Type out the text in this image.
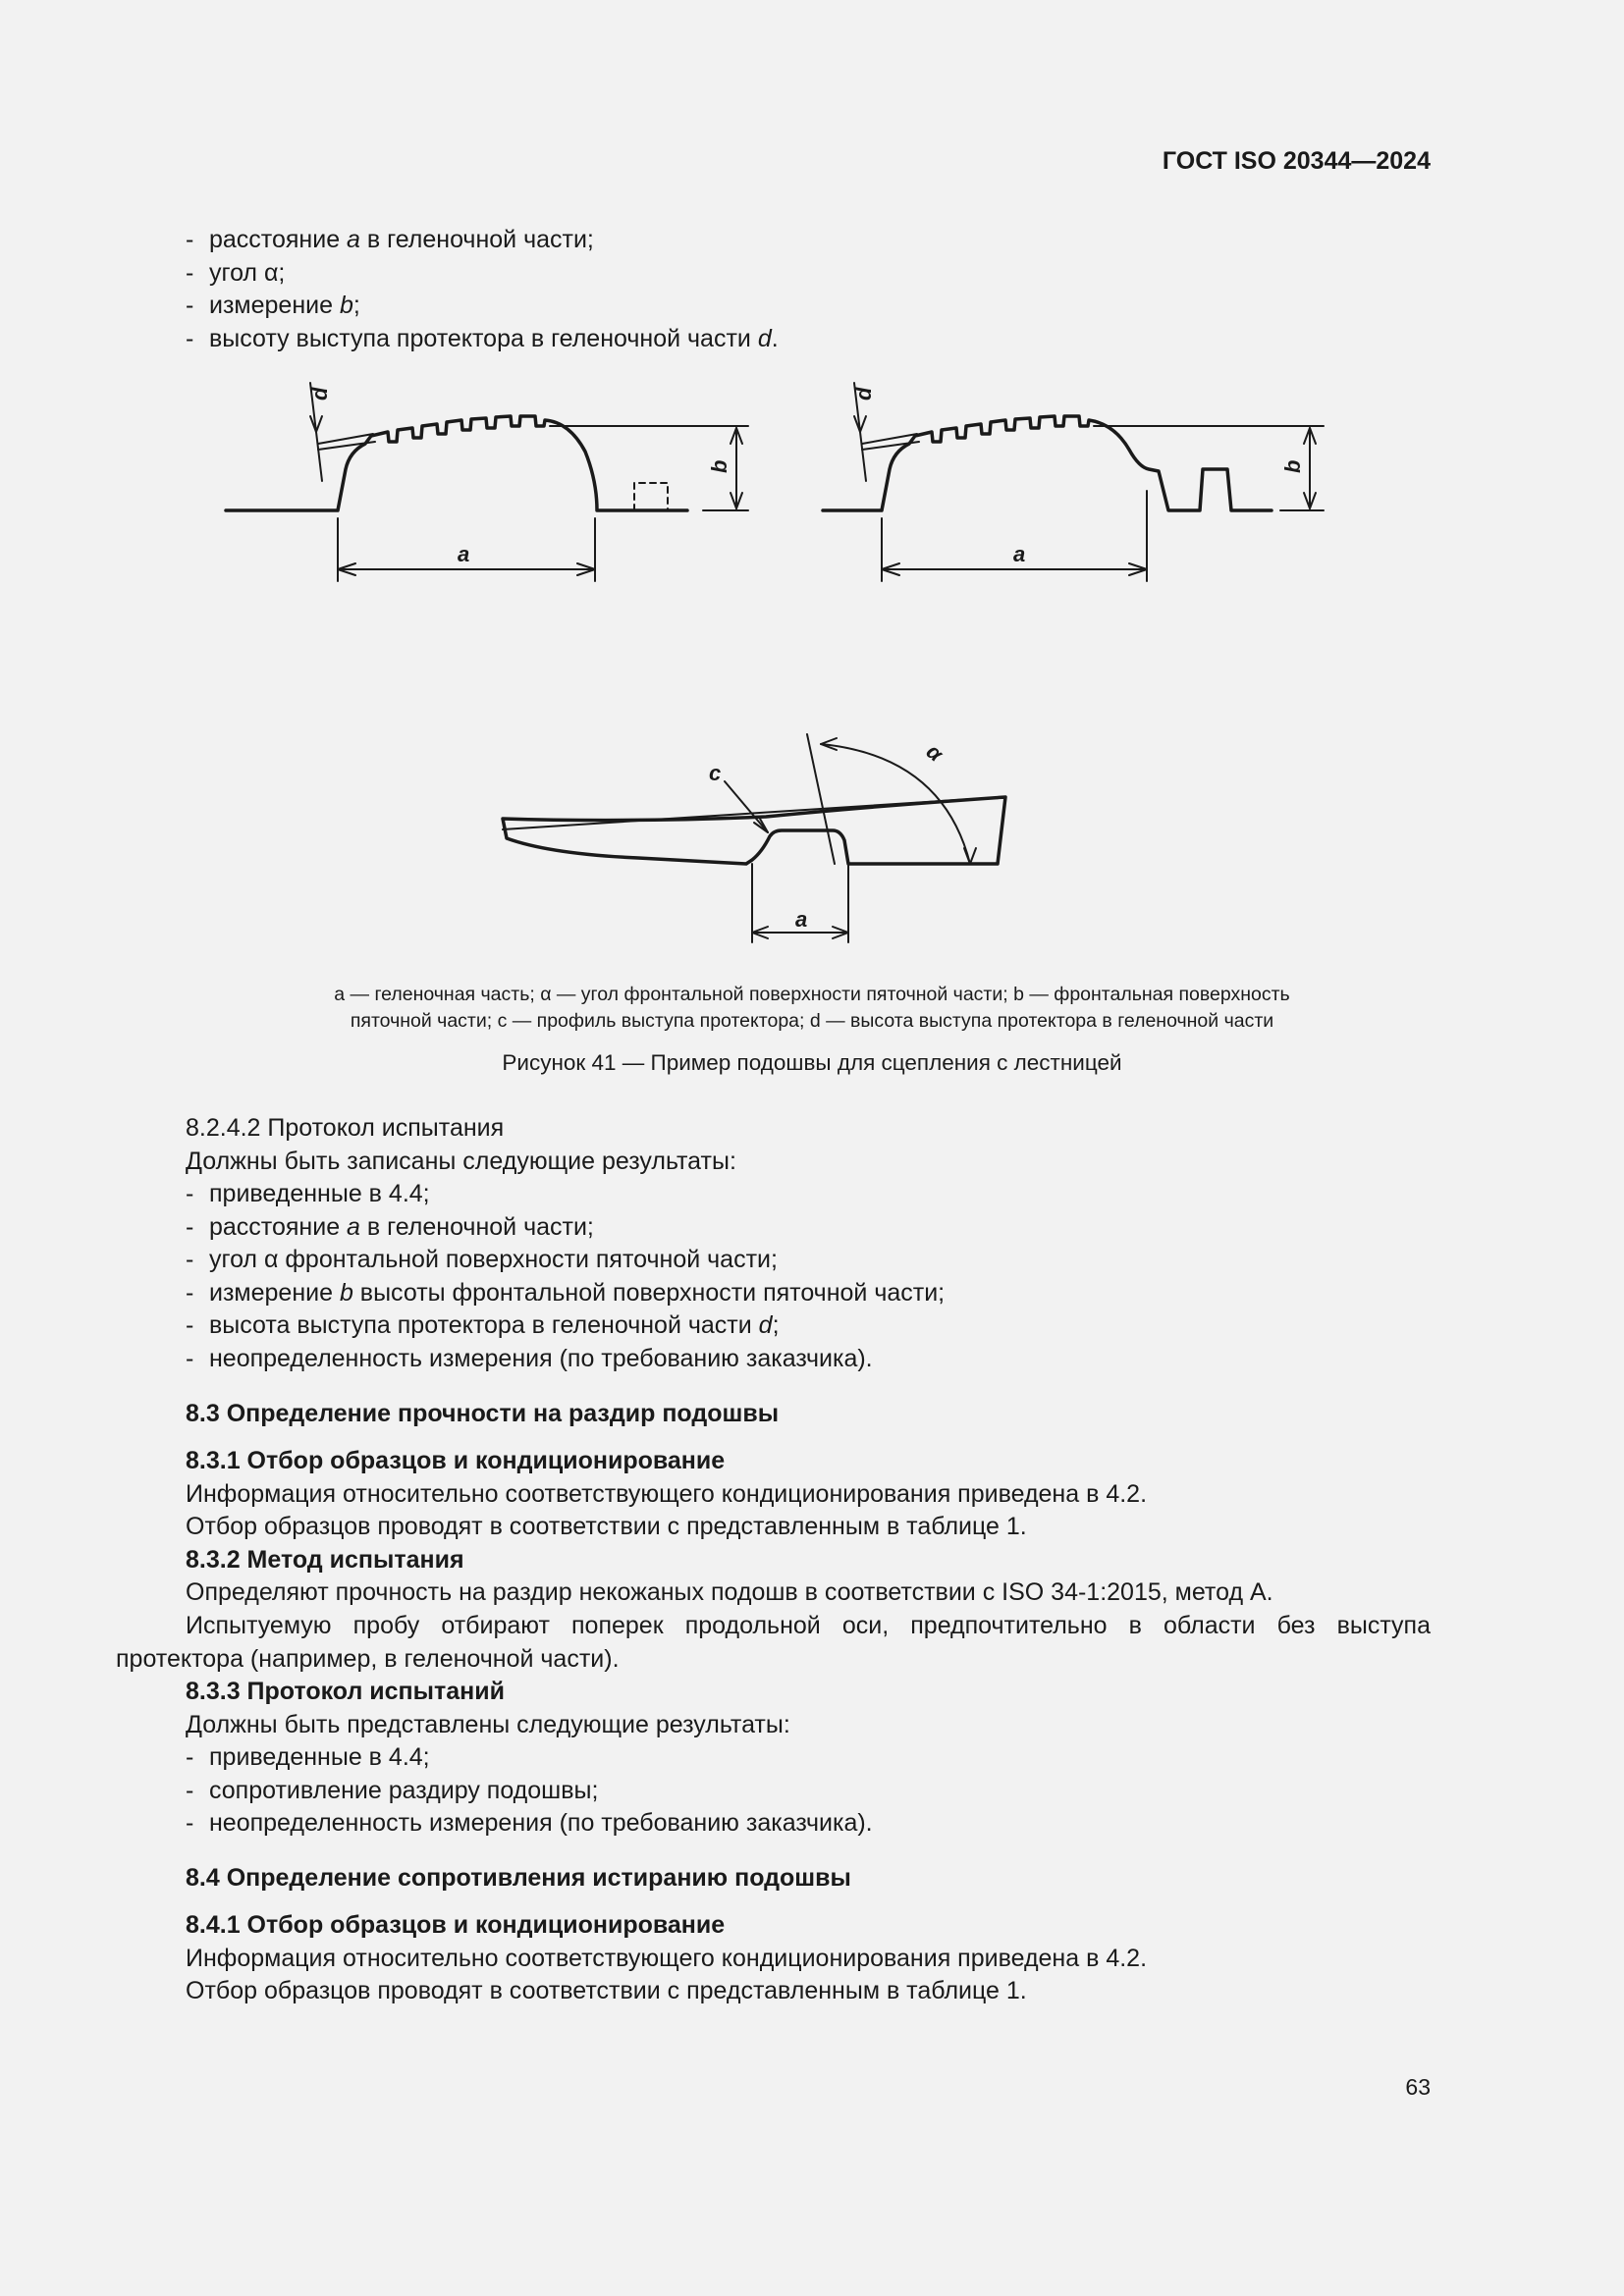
ГОСТ ISO 20344—2024
- расстояние a в геленочной части;
- угол α;
- измерение b;
- высоту выступа протектора в геленочной части d.
d
b
a
d
b
a
c
α
a
a — геленочная часть; α — угол фронтальной поверхности пяточной части; b — фронтальная поверхность
пяточной части; c — профиль выступа протектора; d — высота выступа протектора в геленочной части
Рисунок 41 — Пример подошвы для сцепления с лестницей
8.2.4.2 Протокол испытания
Должны быть записаны следующие результаты:
- приведенные в 4.4;
- расстояние a в геленочной части;
- угол α фронтальной поверхности пяточной части;
- измерение b высоты фронтальной поверхности пяточной части;
- высота выступа протектора в геленочной части d;
- неопределенность измерения (по требованию заказчика).
8.3 Определение прочности на раздир подошвы
8.3.1 Отбор образцов и кондиционирование
Информация относительно соответствующего кондиционирования приведена в 4.2.
Отбор образцов проводят в соответствии с представленным в таблице 1.
8.3.2 Метод испытания
Определяют прочность на раздир некожаных подошв в соответствии с ISO 34-1:2015, метод А.
Испытуемую пробу отбирают поперек продольной оси, предпочтительно в области без выступа
протектора (например, в геленочной части).
8.3.3 Протокол испытаний
Должны быть представлены следующие результаты:
- приведенные в 4.4;
- сопротивление раздиру подошвы;
- неопределенность измерения (по требованию заказчика).
8.4 Определение сопротивления истиранию подошвы
8.4.1 Отбор образцов и кондиционирование
Информация относительно соответствующего кондиционирования приведена в 4.2.
Отбор образцов проводят в соответствии с представленным в таблице 1.
63
